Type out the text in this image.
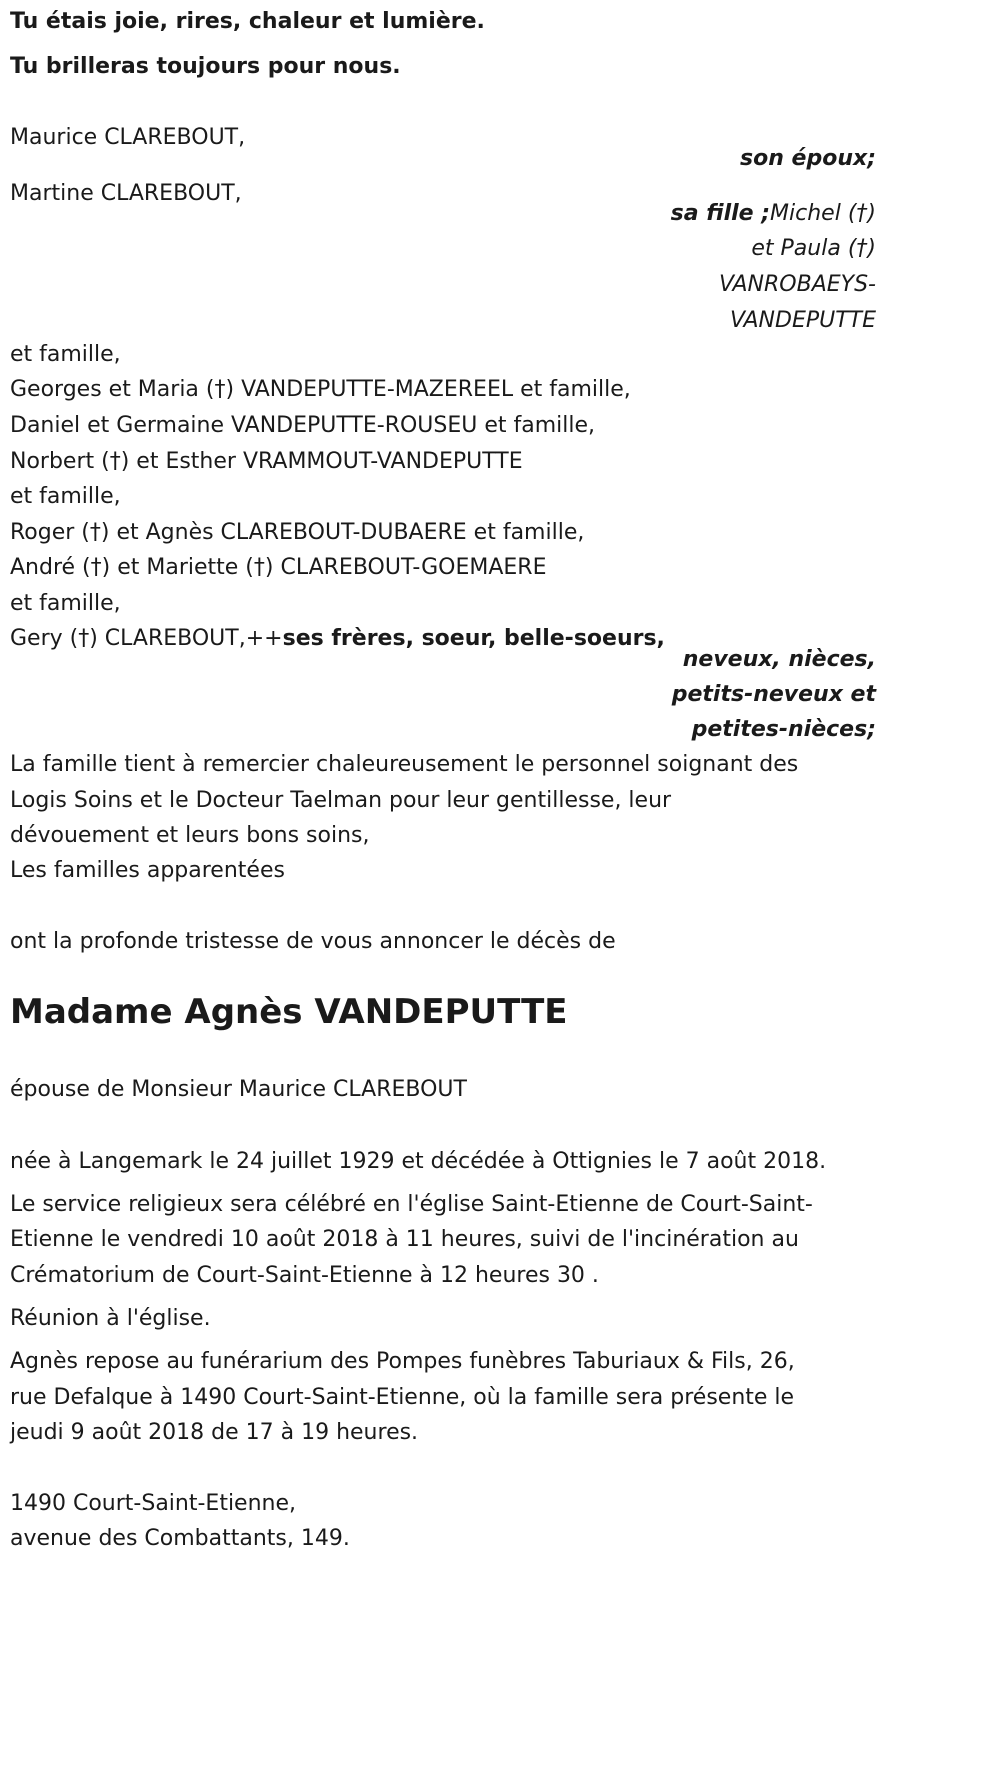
Tu étais joie, rires, chaleur et lumière.
Tu brilleras toujours pour nous.
Maurice CLAREBOUT,
son époux;
Martine CLAREBOUT,
sa fille ;Michel (†)
et Paula (†)
VANROBAEYS-
VANDEPUTTE
et famille,
Georges et Maria (†) VANDEPUTTE-MAZEREEL et famille,
Daniel et Germaine VANDEPUTTE-ROUSEU et famille,
Norbert (†) et Esther VRAMMOUT-VANDEPUTTE
et famille,
Roger (†) et Agnès CLAREBOUT-DUBAERE et famille,
André (†) et Mariette (†) CLAREBOUT-GOEMAERE
et famille,
Gery (†) CLAREBOUT,++ses frères, soeur, belle-soeurs,
neveux, nièces,
petits-neveux et
petites-nièces;
La famille tient à remercier chaleureusement le personnel soignant des
Logis Soins et le Docteur Taelman pour leur gentillesse, leur
dévouement et leurs bons soins,
Les familles apparentées
ont la profonde tristesse de vous annoncer le décès de
Madame Agnès VANDEPUTTE
épouse de Monsieur Maurice CLAREBOUT
née à Langemark le 24 juillet 1929 et décédée à Ottignies le 7 août 2018.
Le service religieux sera célébré en l'église Saint-Etienne de Court-Saint-
Etienne le vendredi 10 août 2018 à 11 heures, suivi de l'incinération au
Crématorium de Court-Saint-Etienne à 12 heures 30 .
Réunion à l'église.
Agnès repose au funérarium des Pompes funèbres Taburiaux & Fils, 26,
rue Defalque à 1490 Court-Saint-Etienne, où la famille sera présente le
jeudi 9 août 2018 de 17 à 19 heures.
1490 Court-Saint-Etienne,
avenue des Combattants, 149.
